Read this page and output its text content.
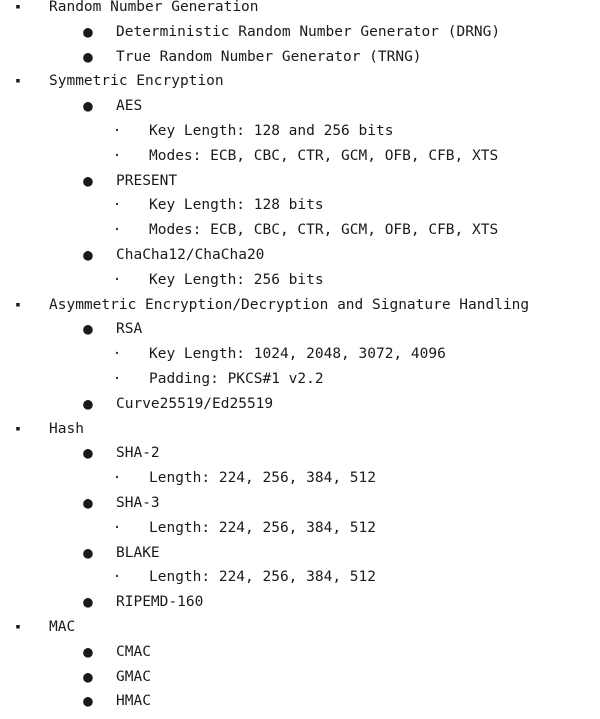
▪ Random Number Generation
● Deterministic Random Number Generator (DRNG)
● True Random Number Generator (TRNG)
▪ Symmetric Encryption
● AES
· Key Length: 128 and 256 bits
· Modes: ECB, CBC, CTR, GCM, OFB, CFB, XTS
● PRESENT
· Key Length: 128 bits
· Modes: ECB, CBC, CTR, GCM, OFB, CFB, XTS
● ChaCha12/ChaCha20
· Key Length: 256 bits
▪ Asymmetric Encryption/Decryption and Signature Handling
● RSA
· Key Length: 1024, 2048, 3072, 4096
· Padding: PKCS#1 v2.2
● Curve25519/Ed25519
▪ Hash
● SHA-2
· Length: 224, 256, 384, 512
● SHA-3
· Length: 224, 256, 384, 512
● BLAKE
· Length: 224, 256, 384, 512
● RIPEMD-160
▪ MAC
● CMAC
● GMAC
● HMAC
